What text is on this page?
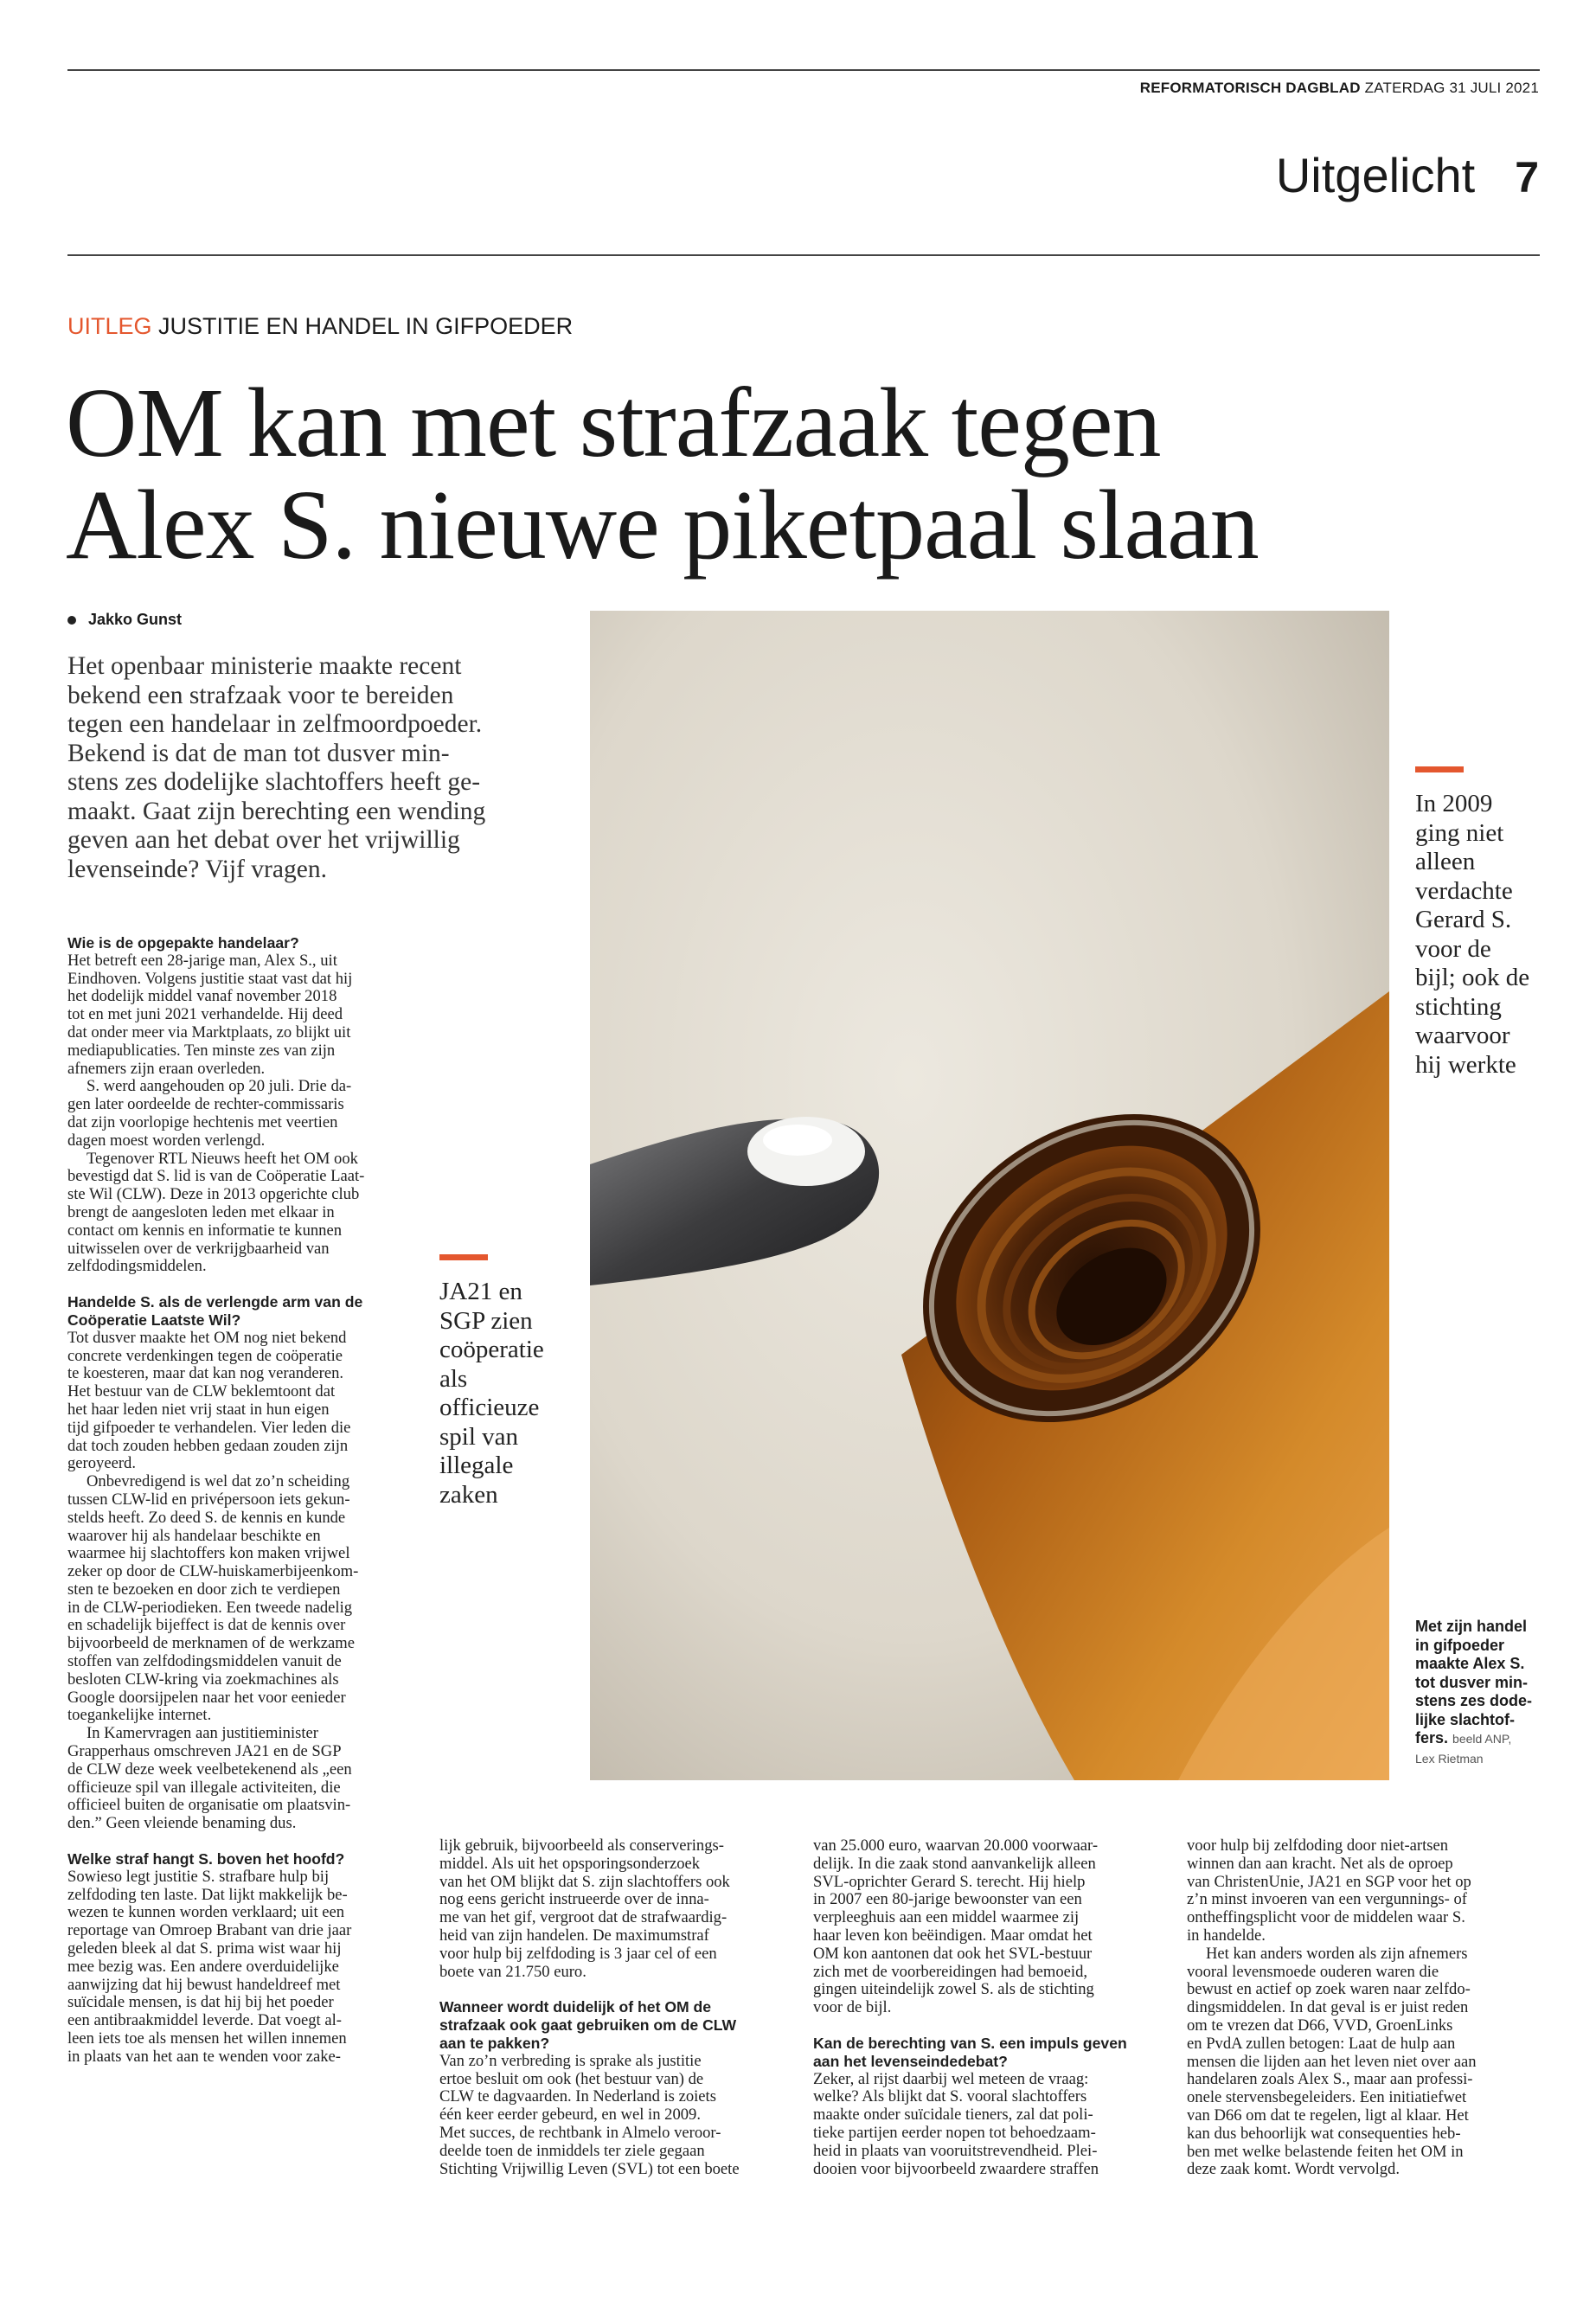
REFORMATORISCH DAGBLAD ZATERDAG 31 JULI 2021
Uitgelicht 7
UITLEG JUSTITIE EN HANDEL IN GIFPOEDER
OM kan met strafzaak tegen
Alex S. nieuwe piketpaal slaan
Jakko Gunst

Het openbaar ministerie maakte recent
bekend een strafzaak voor te bereiden
tegen een handelaar in zelfmoordpoeder.
Bekend is dat de man tot dusver min-
stens zes dodelijke slachtoffers heeft ge-
maakt. Gaat zijn berechting een wending
geven aan het debat over het vrijwillig
levenseinde? Vijf vragen.

Wie is de opgepakte handelaar?

Het betreft een 28-jarige man, Alex S., uit
Eindhoven. Volgens justitie staat vast dat hij
het dodelijk middel vanaf november 2018
tot en met juni 2021 verhandelde. Hij deed
dat onder meer via Marktplaats, zo blijkt uit
mediapublicaties. Ten minste zes van zijn
afnemers zijn eraan overleden.

S. werd aangehouden op 20 juli. Drie da-
gen later oordeelde de rechter-commissaris
dat zijn voorlopige hechtenis met veertien
dagen moest worden verlengd.

Tegenover RTL Nieuws heeft het OM ook
bevestigd dat S. lid is van de Coöperatie Laat-
ste Wil (CLW). Deze in 2013 opgerichte club
brengt de aangesloten leden met elkaar in
contact om kennis en informatie te kunnen
uitwisselen over de verkrijgbaarheid van
zelfdodingsmiddelen.

Handelde S. als de verlengde arm van de
Coöperatie Laatste Wil?

Tot dusver maakte het OM nog niet bekend
concrete verdenkingen tegen de coöperatie
te koesteren, maar dat kan nog veranderen.
Het bestuur van de CLW beklemtoont dat
het haar leden niet vrij staat in hun eigen
tijd gifpoeder te verhandelen. Vier leden die
dat toch zouden hebben gedaan zouden zijn
geroyeerd.

Onbevredigend is wel dat zo’n scheiding
tussen CLW-lid en privépersoon iets gekun-
stelds heeft. Zo deed S. de kennis en kunde
waarover hij als handelaar beschikte en
waarmee hij slachtoffers kon maken vrijwel
zeker op door de CLW-huiskamerbijeenkom-
sten te bezoeken en door zich te verdiepen
in de CLW-periodieken. Een tweede nadelig
en schadelijk bijeffect is dat de kennis over
bijvoorbeeld de merknamen of de werkzame
stoffen van zelfdodingsmiddelen vanuit de
besloten CLW-kring via zoekmachines als
Google doorsijpelen naar het voor eenieder
toegankelijke internet.

In Kamervragen aan justitieminister
Grapperhaus omschreven JA21 en de SGP
de CLW deze week veelbetekenend als „een
officieuze spil van illegale activiteiten, die
officieel buiten de organisatie om plaatsvin-
den.” Geen vleiende benaming dus.

Welke straf hangt S. boven het hoofd?

Sowieso legt justitie S. strafbare hulp bij
zelfdoding ten laste. Dat lijkt makkelijk be-
wezen te kunnen worden verklaard; uit een
reportage van Omroep Brabant van drie jaar
geleden bleek al dat S. prima wist waar hij
mee bezig was. Een andere overduidelijke
aanwijzing dat hij bewust handeldreef met
suïcidale mensen, is dat hij bij het poeder
een antibraakmiddel leverde. Dat voegt al-
leen iets toe als mensen het willen innemen
in plaats van het aan te wenden voor zake-

JA21 en
SGP zien
coöperatie
als
officieuze
spil van
illegale
zaken
In 2009
ging niet
alleen
verdachte
Gerard S.
voor de
bijl; ook de
stichting
waarvoor
hij werkte
Met zijn handel
in gifpoeder
maakte Alex S.
tot dusver min-
stens zes dode-
lijke slachtof-
fers. beeld ANP,
Lex Rietman

lijk gebruik, bijvoorbeeld als conserverings-
middel. Als uit het opsporingsonderzoek
van het OM blijkt dat S. zijn slachtoffers ook
nog eens gericht instrueerde over de inna-
me van het gif, vergroot dat de strafwaardig-
heid van zijn handelen. De maximumstraf
voor hulp bij zelfdoding is 3 jaar cel of een
boete van 21.750 euro.

Wanneer wordt duidelijk of het OM de
strafzaak ook gaat gebruiken om de CLW
aan te pakken?

Van zo’n verbreding is sprake als justitie
ertoe besluit om ook (het bestuur van) de
CLW te dagvaarden. In Nederland is zoiets
één keer eerder gebeurd, en wel in 2009.
Met succes, de rechtbank in Almelo veroor-
deelde toen de inmiddels ter ziele gegaan
Stichting Vrijwillig Leven (SVL) tot een boete

van 25.000 euro, waarvan 20.000 voorwaar-
delijk. In die zaak stond aanvankelijk alleen
SVL-oprichter Gerard S. terecht. Hij hielp
in 2007 een 80-jarige bewoonster van een
verpleeghuis aan een middel waarmee zij
haar leven kon beëindigen. Maar omdat het
OM kon aantonen dat ook het SVL-bestuur
zich met de voorbereidingen had bemoeid,
gingen uiteindelijk zowel S. als de stichting
voor de bijl.

Kan de berechting van S. een impuls geven
aan het levenseindedebat?

Zeker, al rijst daarbij wel meteen de vraag:
welke? Als blijkt dat S. vooral slachtoffers
maakte onder suïcidale tieners, zal dat poli-
tieke partijen eerder nopen tot behoedzaam-
heid in plaats van vooruitstrevendheid. Plei-
dooien voor bijvoorbeeld zwaardere straffen

voor hulp bij zelfdoding door niet-artsen
winnen dan aan kracht. Net als de oproep
van ChristenUnie, JA21 en SGP voor het op
z’n minst invoeren van een vergunnings- of
ontheffingsplicht voor de middelen waar S.
in handelde.

Het kan anders worden als zijn afnemers
vooral levensmoede ouderen waren die
bewust en actief op zoek waren naar zelfdo-
dingsmiddelen. In dat geval is er juist reden
om te vrezen dat D66, VVD, GroenLinks
en PvdA zullen betogen: Laat de hulp aan
mensen die lijden aan het leven niet over aan
handelaren zoals Alex S., maar aan professi-
onele stervensbegeleiders. Een initiatiefwet
van D66 om dat te regelen, ligt al klaar. Het
kan dus behoorlijk wat consequenties heb-
ben met welke belastende feiten het OM in
deze zaak komt. Wordt vervolgd.
